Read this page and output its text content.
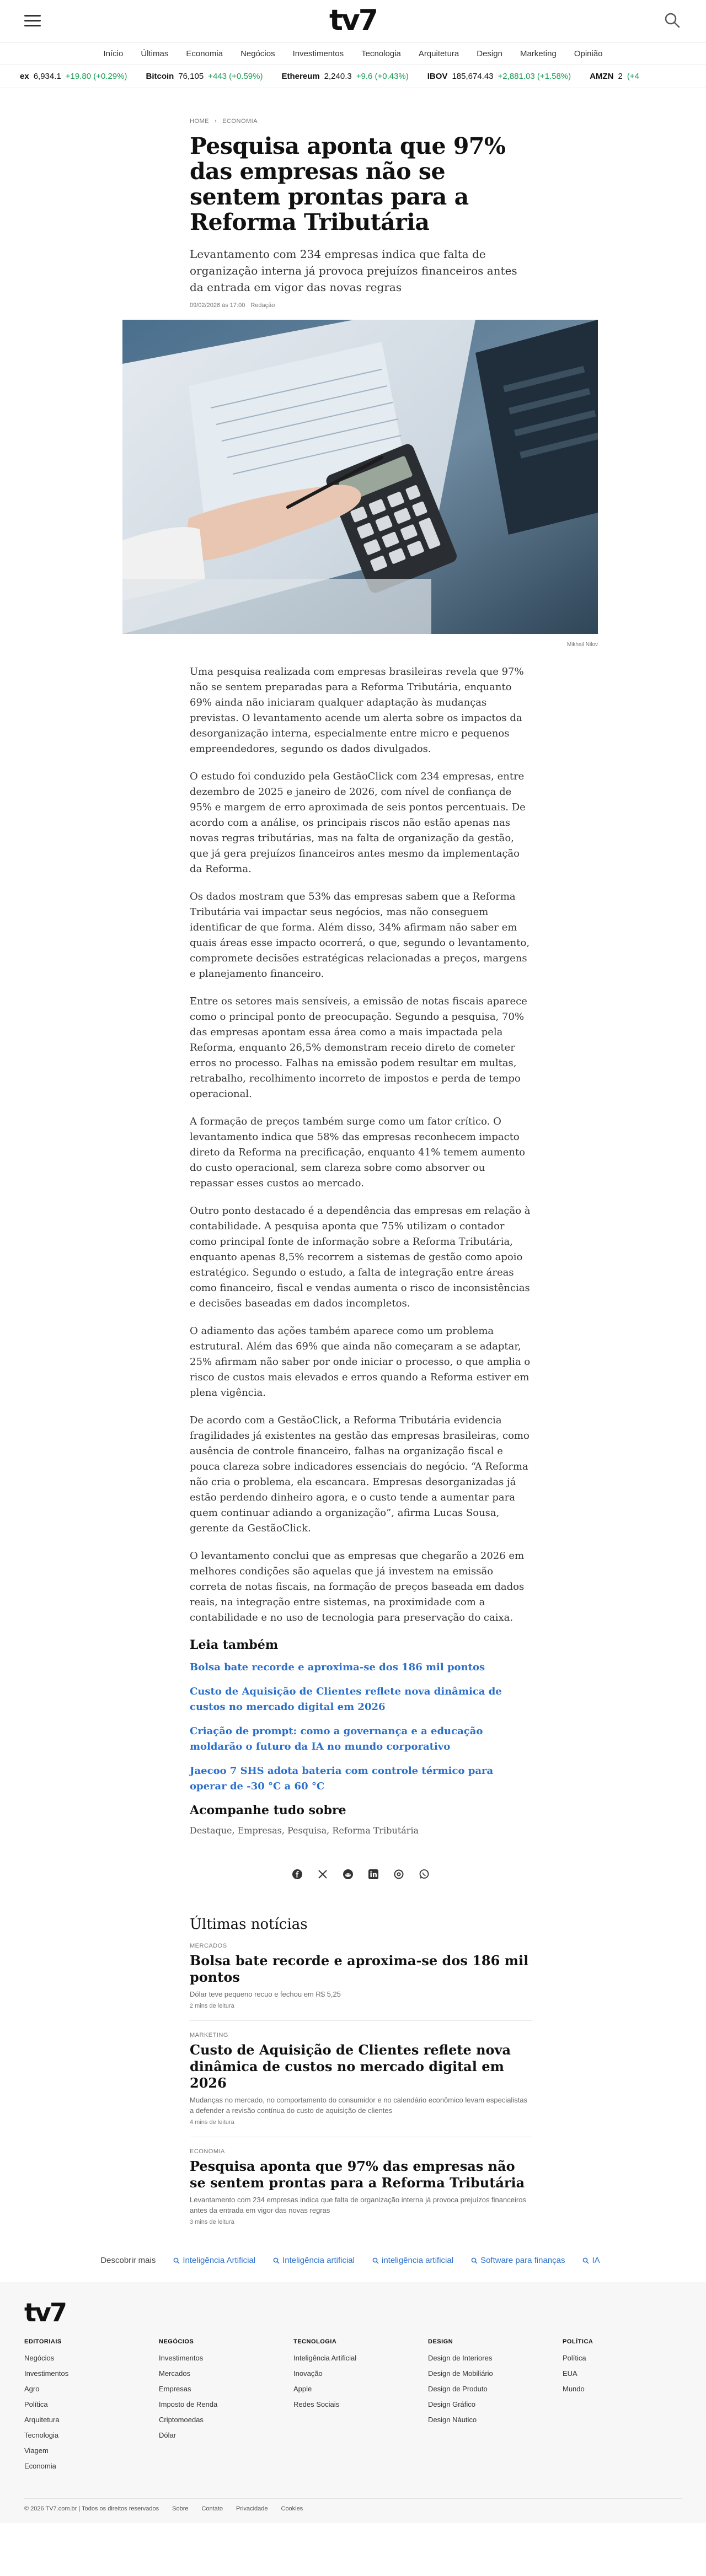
tv7
Início	Últimas	Economia	Negócios	Investimentos	Tecnologia	Arquitetura	Design	Marketing	Opinião
ex 6,934.1 +19.80 (+0.29%) Bitcoin 76,105 +443 (+0.59%) Ethereum 2,240.3 +9.6 (+0.43%) IBOV 185,674.43 +2,881.03 (+1.58%) AMZN 2 (+4
HOME › ECONOMIA
Pesquisa aponta que 97% das empresas não se sentem prontas para a Reforma Tributária

Levantamento com 234 empresas indica que falta de organização interna já provoca prejuízos financeiros antes da entrada em vigor das novas regras

09/02/2026 às 17:00 Redação
Mikhail Nilov

Uma pesquisa realizada com empresas brasileiras revela que 97% não se sentem preparadas para a Reforma Tributária, enquanto 69% ainda não iniciaram qualquer adaptação às mudanças previstas. O levantamento acende um alerta sobre os impactos da desorganização interna, especialmente entre micro e pequenos empreendedores, segundo os dados divulgados.

O estudo foi conduzido pela GestãoClick com 234 empresas, entre dezembro de 2025 e janeiro de 2026, com nível de confiança de 95% e margem de erro aproximada de seis pontos percentuais. De acordo com a análise, os principais riscos não estão apenas nas novas regras tributárias, mas na falta de organização da gestão, que já gera prejuízos financeiros antes mesmo da implementação da Reforma.

Os dados mostram que 53% das empresas sabem que a Reforma Tributária vai impactar seus negócios, mas não conseguem identificar de que forma. Além disso, 34% afirmam não saber em quais áreas esse impacto ocorrerá, o que, segundo o levantamento, compromete decisões estratégicas relacionadas a preços, margens e planejamento financeiro.

Entre os setores mais sensíveis, a emissão de notas fiscais aparece como o principal ponto de preocupação. Segundo a pesquisa, 70% das empresas apontam essa área como a mais impactada pela Reforma, enquanto 26,5% demonstram receio direto de cometer erros no processo. Falhas na emissão podem resultar em multas, retrabalho, recolhimento incorreto de impostos e perda de tempo operacional.

A formação de preços também surge como um fator crítico. O levantamento indica que 58% das empresas reconhecem impacto direto da Reforma na precificação, enquanto 41% temem aumento do custo operacional, sem clareza sobre como absorver ou repassar esses custos ao mercado.

Outro ponto destacado é a dependência das empresas em relação à contabilidade. A pesquisa aponta que 75% utilizam o contador como principal fonte de informação sobre a Reforma Tributária, enquanto apenas 8,5% recorrem a sistemas de gestão como apoio estratégico. Segundo o estudo, a falta de integração entre áreas como financeiro, fiscal e vendas aumenta o risco de inconsistências e decisões baseadas em dados incompletos.

O adiamento das ações também aparece como um problema estrutural. Além das 69% que ainda não começaram a se adaptar, 25% afirmam não saber por onde iniciar o processo, o que amplia o risco de custos mais elevados e erros quando a Reforma estiver em plena vigência.

De acordo com a GestãoClick, a Reforma Tributária evidencia fragilidades já existentes na gestão das empresas brasileiras, como ausência de controle financeiro, falhas na organização fiscal e pouca clareza sobre indicadores essenciais do negócio. “A Reforma não cria o problema, ela escancara. Empresas desorganizadas já estão perdendo dinheiro agora, e o custo tende a aumentar para quem continuar adiando a organização”, afirma Lucas Sousa, gerente da GestãoClick.

O levantamento conclui que as empresas que chegarão a 2026 em melhores condições são aquelas que já investem na emissão correta de notas fiscais, na formação de preços baseada em dados reais, na integração entre sistemas, na proximidade com a contabilidade e no uso de tecnologia para preservação do caixa.

Leia também
Bolsa bate recorde e aproxima-se dos 186 mil pontos
Custo de Aquisição de Clientes reflete nova dinâmica de custos no mercado digital em 2026
Criação de prompt: como a governança e a educação moldarão o futuro da IA no mundo corporativo
Jaecoo 7 SHS adota bateria com controle térmico para operar de -30 °C a 60 °C
Acompanhe tudo sobre

Destaque, Empresas, Pesquisa, Reforma Tributária

Últimas notícias
MERCADOS
Bolsa bate recorde e aproxima-se dos 186 mil pontos
Dólar teve pequeno recuo e fechou em R$ 5,25
2 mins de leitura
MARKETING
Custo de Aquisição de Clientes reflete nova dinâmica de custos no mercado digital em 2026
Mudanças no mercado, no comportamento do consumidor e no calendário econômico levam especialistas a defender a revisão contínua do custo de aquisição de clientes
4 mins de leitura
ECONOMIA
Pesquisa aponta que 97% das empresas não se sentem prontas para a Reforma Tributária
Levantamento com 234 empresas indica que falta de organização interna já provoca prejuízos financeiros antes da entrada em vigor das novas regras
3 mins de leitura
Descobrir mais	Inteligência Artificial	Inteligência artificial	inteligência artificial	Software para finanças	IA
tv7
EDITORIAIS
Negócios
Investimentos
Agro
Política
Arquitetura
Tecnologia
Viagem
Economia
NEGÓCIOS
Investimentos
Mercados
Empresas
Imposto de Renda
Criptomoedas
Dólar
TECNOLOGIA
Inteligência Artificial
Inovação
Apple
Redes Sociais
DESIGN
Design de Interiores
Design de Mobiliário
Design de Produto
Design Gráfico
Design Náutico
POLÍTICA
Política
EUA
Mundo
© 2026 TV7.com.br | Todos os direitos reservados Sobre Contato Privacidade Cookies
